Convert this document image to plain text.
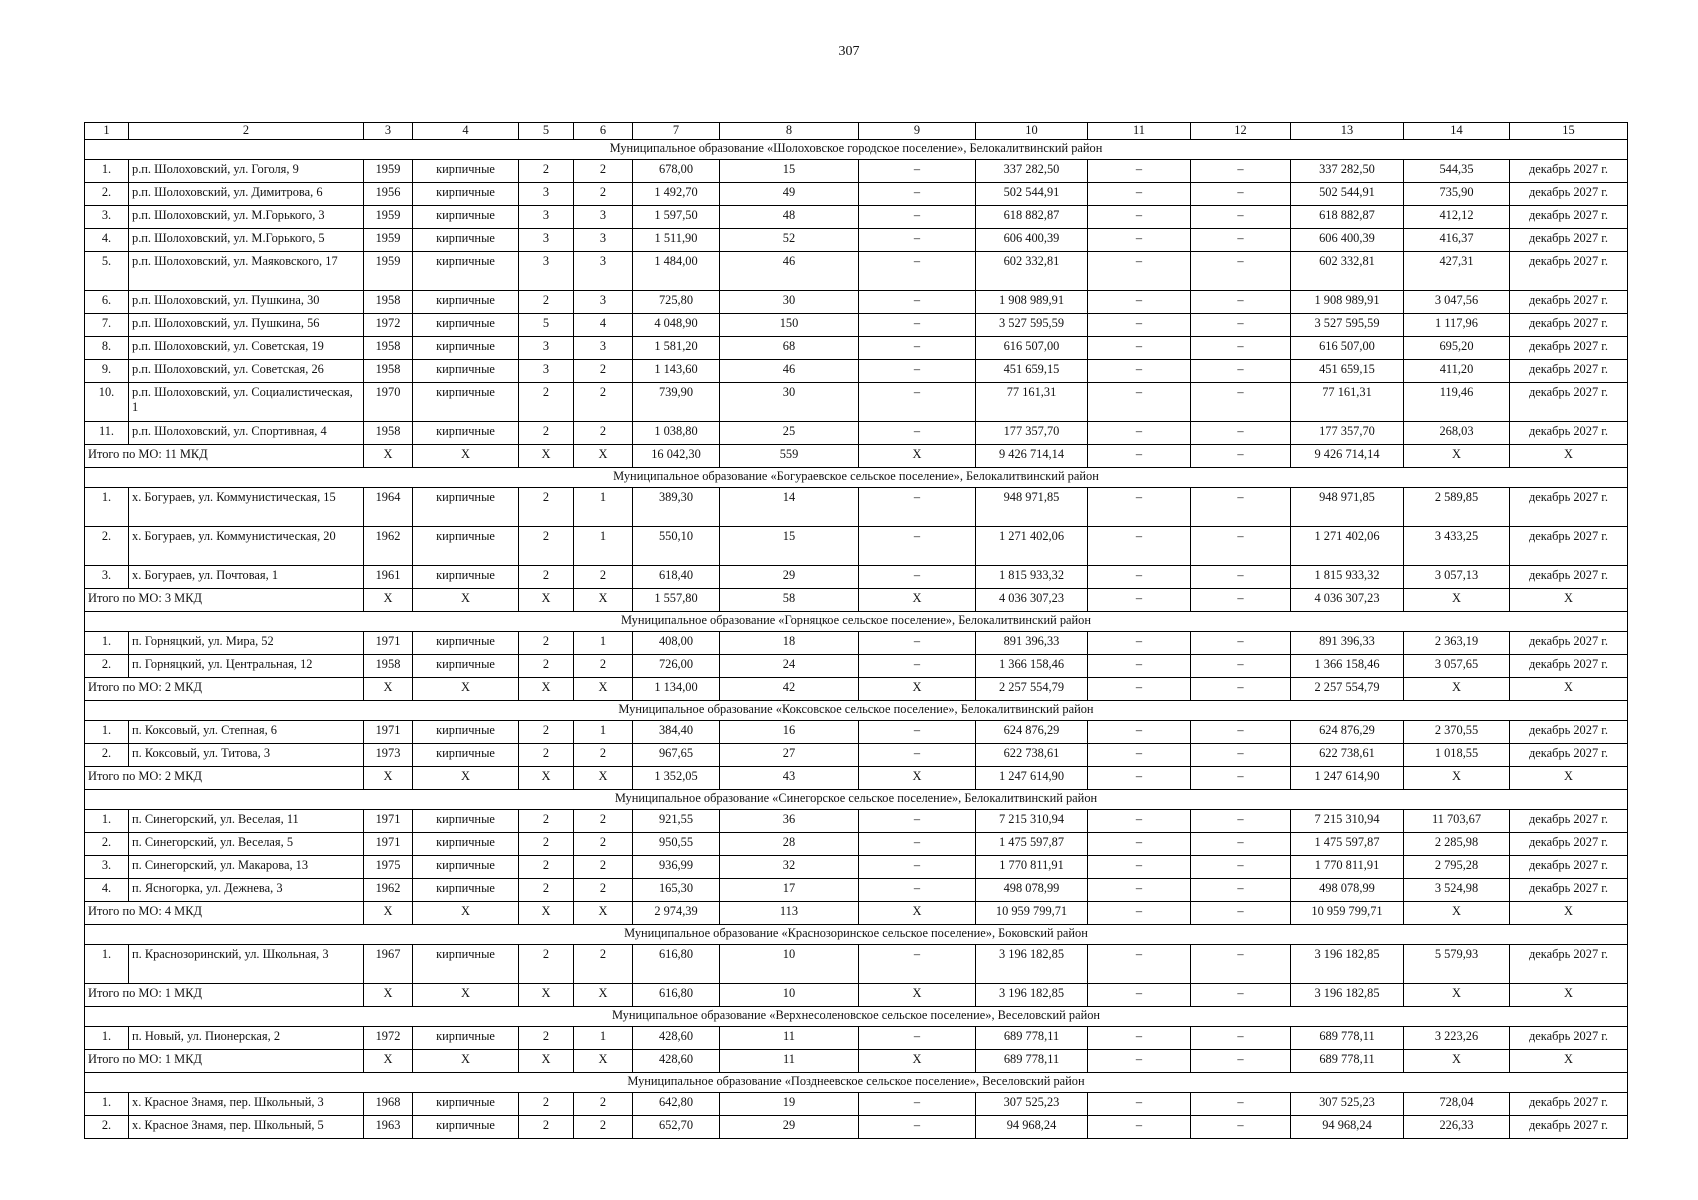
307
1	2	3	4	5	6	7	8	9	10	11	12	13	14	15
Муниципальное образование «Шолоховское городское поселение», Белокалитвинский район														
1.	р.п. Шолоховский, ул. Гоголя, 9	1959	кирпичные	2	2	678,00	15	–	337 282,50	–	–	337 282,50	544,35	декабрь 2027 г.
2.	р.п. Шолоховский, ул. Димитрова, 6	1956	кирпичные	3	2	1 492,70	49	–	502 544,91	–	–	502 544,91	735,90	декабрь 2027 г.
3.	р.п. Шолоховский, ул. М.Горького, 3	1959	кирпичные	3	3	1 597,50	48	–	618 882,87	–	–	618 882,87	412,12	декабрь 2027 г.
4.	р.п. Шолоховский, ул. М.Горького, 5	1959	кирпичные	3	3	1 511,90	52	–	606 400,39	–	–	606 400,39	416,37	декабрь 2027 г.
5.	р.п. Шолоховский, ул. Маяковского, 17	1959	кирпичные	3	3	1 484,00	46	–	602 332,81	–	–	602 332,81	427,31	декабрь 2027 г.
6.	р.п. Шолоховский, ул. Пушкина, 30	1958	кирпичные	2	3	725,80	30	–	1 908 989,91	–	–	1 908 989,91	3 047,56	декабрь 2027 г.
7.	р.п. Шолоховский, ул. Пушкина, 56	1972	кирпичные	5	4	4 048,90	150	–	3 527 595,59	–	–	3 527 595,59	1 117,96	декабрь 2027 г.
8.	р.п. Шолоховский, ул. Советская, 19	1958	кирпичные	3	3	1 581,20	68	–	616 507,00	–	–	616 507,00	695,20	декабрь 2027 г.
9.	р.п. Шолоховский, ул. Советская, 26	1958	кирпичные	3	2	1 143,60	46	–	451 659,15	–	–	451 659,15	411,20	декабрь 2027 г.
10.	р.п. Шолоховский, ул. Социалистическая, 1	1970	кирпичные	2	2	739,90	30	–	77 161,31	–	–	77 161,31	119,46	декабрь 2027 г.
11.	р.п. Шолоховский, ул. Спортивная, 4	1958	кирпичные	2	2	1 038,80	25	–	177 357,70	–	–	177 357,70	268,03	декабрь 2027 г.
Итого по МО: 11 МКД		X	X	X	X	16 042,30	559	X	9 426 714,14	–	–	9 426 714,14	X	X
Муниципальное образование «Богураевское сельское поселение», Белокалитвинский район														
1.	х. Богураев, ул. Коммунистическая, 15	1964	кирпичные	2	1	389,30	14	–	948 971,85	–	–	948 971,85	2 589,85	декабрь 2027 г.
2.	х. Богураев, ул. Коммунистическая, 20	1962	кирпичные	2	1	550,10	15	–	1 271 402,06	–	–	1 271 402,06	3 433,25	декабрь 2027 г.
3.	х. Богураев, ул. Почтовая, 1	1961	кирпичные	2	2	618,40	29	–	1 815 933,32	–	–	1 815 933,32	3 057,13	декабрь 2027 г.
Итого по МО: 3 МКД		X	X	X	X	1 557,80	58	X	4 036 307,23	–	–	4 036 307,23	X	X
Муниципальное образование «Горняцкое сельское поселение», Белокалитвинский район														
1.	п. Горняцкий, ул. Мира, 52	1971	кирпичные	2	1	408,00	18	–	891 396,33	–	–	891 396,33	2 363,19	декабрь 2027 г.
2.	п. Горняцкий, ул. Центральная, 12	1958	кирпичные	2	2	726,00	24	–	1 366 158,46	–	–	1 366 158,46	3 057,65	декабрь 2027 г.
Итого по МО: 2 МКД		X	X	X	X	1 134,00	42	X	2 257 554,79	–	–	2 257 554,79	X	X
Муниципальное образование «Коксовское сельское поселение», Белокалитвинский район														
1.	п. Коксовый, ул. Степная, 6	1971	кирпичные	2	1	384,40	16	–	624 876,29	–	–	624 876,29	2 370,55	декабрь 2027 г.
2.	п. Коксовый, ул. Титова, 3	1973	кирпичные	2	2	967,65	27	–	622 738,61	–	–	622 738,61	1 018,55	декабрь 2027 г.
Итого по МО: 2 МКД		X	X	X	X	1 352,05	43	X	1 247 614,90	–	–	1 247 614,90	X	X
Муниципальное образование «Синегорское сельское поселение», Белокалитвинский район														
1.	п. Синегорский, ул. Веселая, 11	1971	кирпичные	2	2	921,55	36	–	7 215 310,94	–	–	7 215 310,94	11 703,67	декабрь 2027 г.
2.	п. Синегорский, ул. Веселая, 5	1971	кирпичные	2	2	950,55	28	–	1 475 597,87	–	–	1 475 597,87	2 285,98	декабрь 2027 г.
3.	п. Синегорский, ул. Макарова, 13	1975	кирпичные	2	2	936,99	32	–	1 770 811,91	–	–	1 770 811,91	2 795,28	декабрь 2027 г.
4.	п. Ясногорка, ул. Дежнева, 3	1962	кирпичные	2	2	165,30	17	–	498 078,99	–	–	498 078,99	3 524,98	декабрь 2027 г.
Итого по МО: 4 МКД		X	X	X	X	2 974,39	113	X	10 959 799,71	–	–	10 959 799,71	X	X
Муниципальное образование «Краснозоринское сельское поселение», Боковский район														
1.	п. Краснозоринский, ул. Школьная, 3	1967	кирпичные	2	2	616,80	10	–	3 196 182,85	–	–	3 196 182,85	5 579,93	декабрь 2027 г.
Итого по МО: 1 МКД		X	X	X	X	616,80	10	X	3 196 182,85	–	–	3 196 182,85	X	X
Муниципальное образование «Верхнесоленовское сельское поселение», Веселовский район														
1.	п. Новый, ул. Пионерская, 2	1972	кирпичные	2	1	428,60	11	–	689 778,11	–	–	689 778,11	3 223,26	декабрь 2027 г.
Итого по МО: 1 МКД		X	X	X	X	428,60	11	X	689 778,11	–	–	689 778,11	X	X
Муниципальное образование «Позднеевское сельское поселение», Веселовский район														
1.	х. Красное Знамя, пер. Школьный, 3	1968	кирпичные	2	2	642,80	19	–	307 525,23	–	–	307 525,23	728,04	декабрь 2027 г.
2.	х. Красное Знамя, пер. Школьный, 5	1963	кирпичные	2	2	652,70	29	–	94 968,24	–	–	94 968,24	226,33	декабрь 2027 г.
